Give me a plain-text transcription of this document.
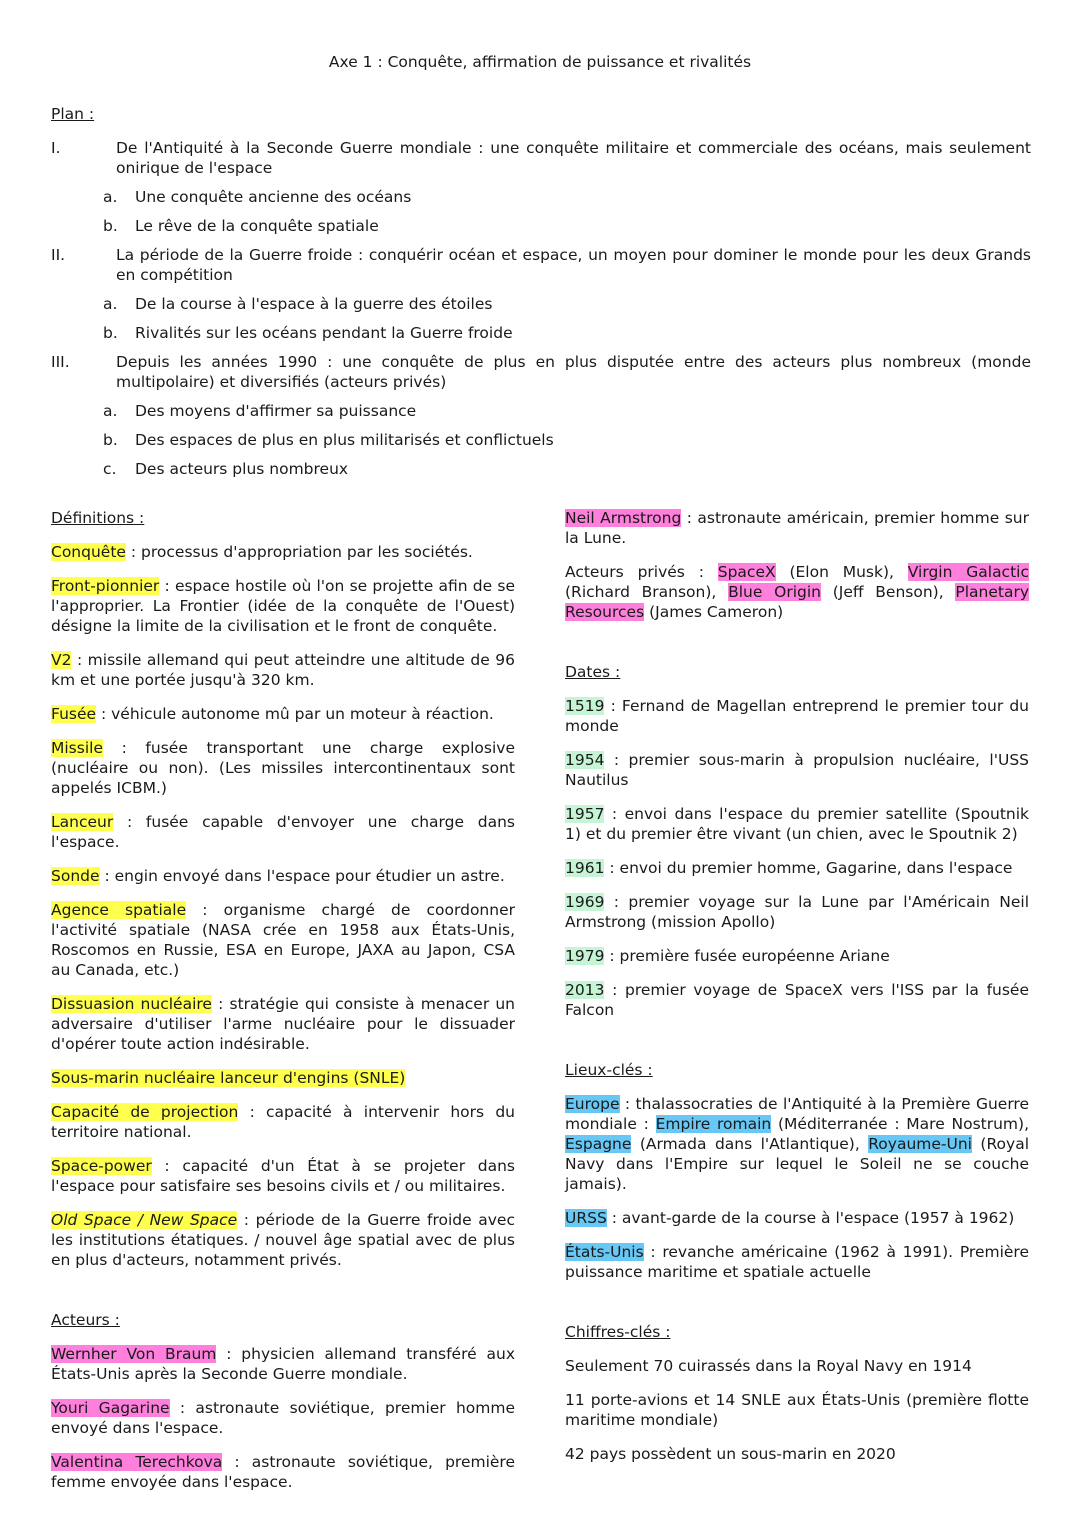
Axe 1 : Conquête, affirmation de puissance et rivalités
Plan :
I.	De l'Antiquité à la Seconde Guerre mondiale : une conquête militaire et commerciale des océans, mais seulement onirique de l'espace
a.	Une conquête ancienne des océans
b.	Le rêve de la conquête spatiale
II.	La période de la Guerre froide : conquérir océan et espace, un moyen pour dominer le monde pour les deux Grands en compétition
a.	De la course à l'espace à la guerre des étoiles
b.	Rivalités sur les océans pendant la Guerre froide
III.	Depuis les années 1990 : une conquête de plus en plus disputée entre des acteurs plus nombreux (monde multipolaire) et diversifiés (acteurs privés)
a.	Des moyens d'affirmer sa puissance
b.	Des espaces de plus en plus militarisés et conflictuels
c.	Des acteurs plus nombreux
Définitions :
Conquête : processus d'appropriation par les sociétés.
Front-pionnier : espace hostile où l'on se projette afin de se l'approprier. La Frontier (idée de la conquête de l'Ouest) désigne la limite de la civilisation et le front de conquête.
V2 : missile allemand qui peut atteindre une altitude de 96 km et une portée jusqu'à 320 km.
Fusée : véhicule autonome mû par un moteur à réaction.
Missile : fusée transportant une charge explosive (nucléaire ou non). (Les missiles intercontinentaux sont appelés ICBM.)
Lanceur : fusée capable d'envoyer une charge dans l'espace.
Sonde : engin envoyé dans l'espace pour étudier un astre.
Agence spatiale : organisme chargé de coordonner l'activité spatiale (NASA crée en 1958 aux États-Unis, Roscomos en Russie, ESA en Europe, JAXA au Japon, CSA au Canada, etc.)
Dissuasion nucléaire : stratégie qui consiste à menacer un adversaire d'utiliser l'arme nucléaire pour le dissuader d'opérer toute action indésirable.
Sous-marin nucléaire lanceur d'engins (SNLE)
Capacité de projection : capacité à intervenir hors du territoire national.
Space-power : capacité d'un État à se projeter dans l'espace pour satisfaire ses besoins civils et / ou militaires.
Old Space / New Space : période de la Guerre froide avec les institutions étatiques. / nouvel âge spatial avec de plus en plus d'acteurs, notamment privés.
Acteurs :
Wernher Von Braum : physicien allemand transféré aux États-Unis après la Seconde Guerre mondiale.
Youri Gagarine : astronaute soviétique, premier homme envoyé dans l'espace.
Valentina Terechkova : astronaute soviétique, première femme envoyée dans l'espace.
Neil Armstrong : astronaute américain, premier homme sur la Lune.
Acteurs privés : SpaceX (Elon Musk), Virgin Galactic (Richard Branson), Blue Origin (Jeff Benson), Planetary Resources (James Cameron)
Dates :
1519 : Fernand de Magellan entreprend le premier tour du monde
1954 : premier sous-marin à propulsion nucléaire, l'USS Nautilus
1957 : envoi dans l'espace du premier satellite (Spoutnik 1) et du premier être vivant (un chien, avec le Spoutnik 2)
1961 : envoi du premier homme, Gagarine, dans l'espace
1969 : premier voyage sur la Lune par l'Américain Neil Armstrong (mission Apollo)
1979 : première fusée européenne Ariane
2013 : premier voyage de SpaceX vers l'ISS par la fusée Falcon
Lieux-clés :
Europe : thalassocraties de l'Antiquité à la Première Guerre mondiale : Empire romain (Méditerranée : Mare Nostrum), Espagne (Armada dans l'Atlantique), Royaume-Uni (Royal Navy dans l'Empire sur lequel le Soleil ne se couche jamais).
URSS : avant-garde de la course à l'espace (1957 à 1962)
États-Unis : revanche américaine (1962 à 1991). Première puissance maritime et spatiale actuelle
Chiffres-clés :
Seulement 70 cuirassés dans la Royal Navy en 1914
11 porte-avions et 14 SNLE aux États-Unis (première flotte maritime mondiale)
42 pays possèdent un sous-marin en 2020
